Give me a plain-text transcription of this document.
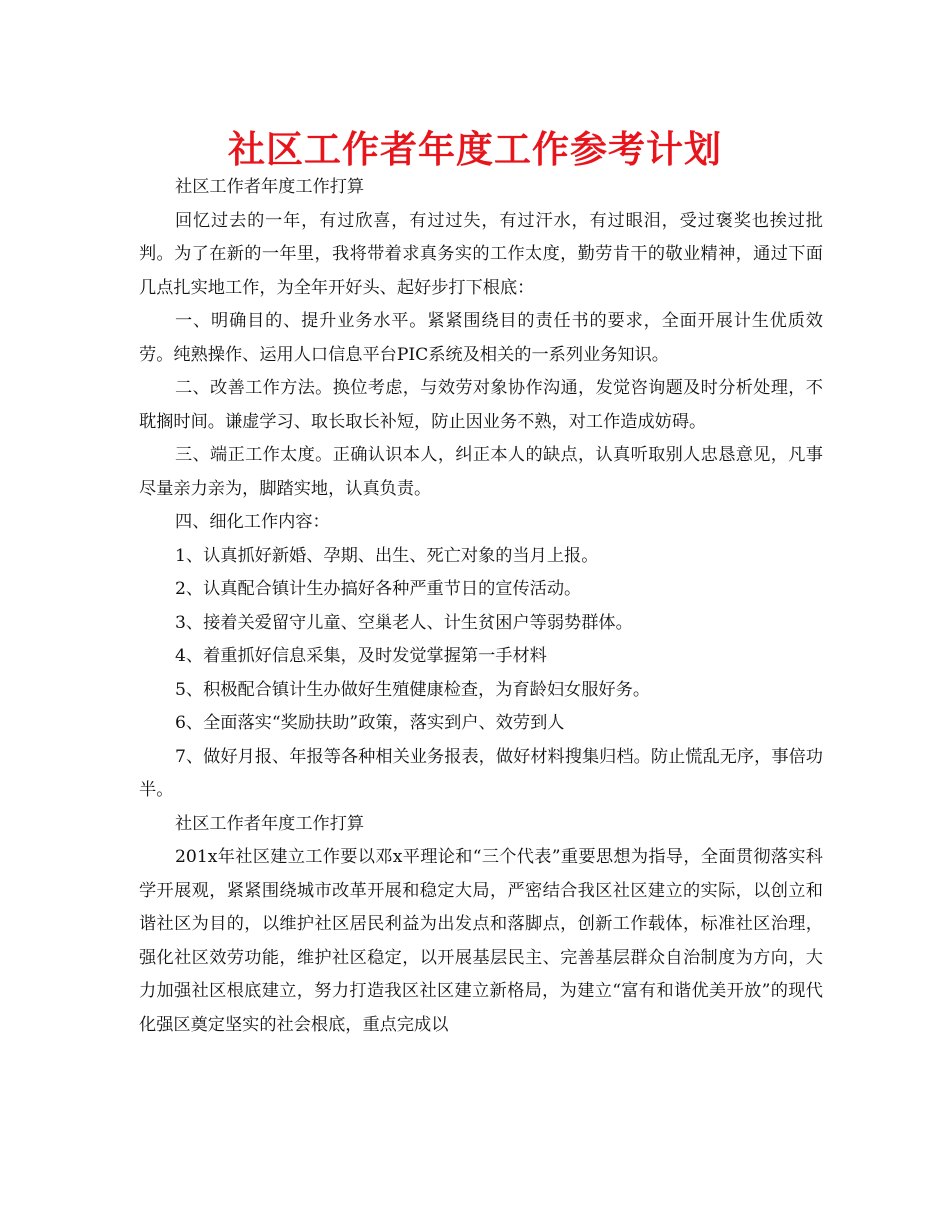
社区工作者年度工作参考计划

社区工作者年度工作打算

回忆过去的一年，有过欣喜，有过过失，有过汗水，有过眼泪，受过褒奖也挨过批判。为了在新的一年里，我将带着求真务实的工作太度，勤劳肯干的敬业精神，通过下面几点扎实地工作，为全年开好头、起好步打下根底：

一、明确目的、提升业务水平。紧紧围绕目的责任书的要求，全面开展计生优质效劳。纯熟操作、运用人口信息平台PIC系统及相关的一系列业务知识。

二、改善工作方法。换位考虑，与效劳对象协作沟通，发觉咨询题及时分析处理，不耽搁时间。谦虚学习、取长取长补短，防止因业务不熟，对工作造成妨碍。

三、端正工作太度。正确认识本人，纠正本人的缺点，认真听取别人忠恳意见，凡事尽量亲力亲为，脚踏实地，认真负责。

四、细化工作内容：

1、认真抓好新婚、孕期、出生、死亡对象的当月上报。

2、认真配合镇计生办搞好各种严重节日的宣传活动。

3、接着关爱留守儿童、空巢老人、计生贫困户等弱势群体。

4、着重抓好信息采集，及时发觉掌握第一手材料

5、积极配合镇计生办做好生殖健康检查，为育龄妇女服好务。

6、全面落实“奖励扶助”政策，落实到户、效劳到人

7、做好月报、年报等各种相关业务报表，做好材料搜集归档。防止慌乱无序，事倍功半。

社区工作者年度工作打算

201x年社区建立工作要以邓x平理论和“三个代表”重要思想为指导，全面贯彻落实科学开展观，紧紧围绕城市改革开展和稳定大局，严密结合我区社区建立的实际，以创立和谐社区为目的，以维护社区居民利益为出发点和落脚点，创新工作载体，标准社区治理，强化社区效劳功能，维护社区稳定，以开展基层民主、完善基层群众自治制度为方向，大力加强社区根底建立，努力打造我区社区建立新格局，为建立“富有和谐优美开放”的现代化强区奠定坚实的社会根底，重点完成以
